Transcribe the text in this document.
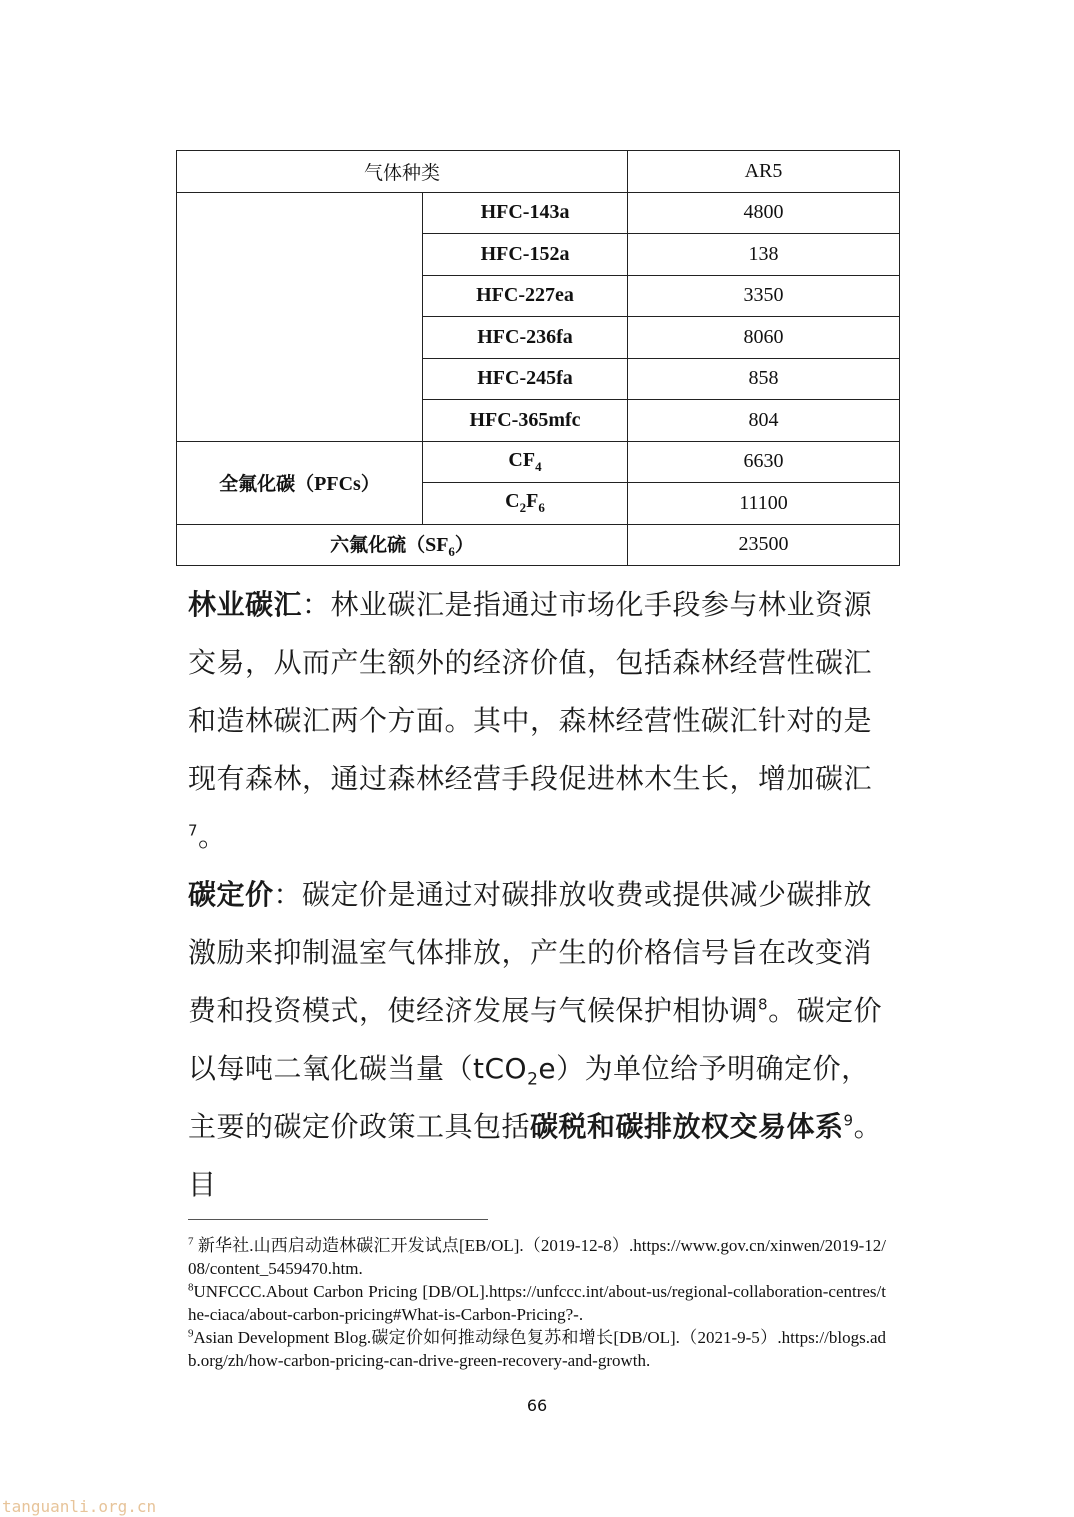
气体种类		AR5
	HFC-143a	4800
	HFC-152a	138
	HFC-227ea	3350
	HFC-236fa	8060
	HFC-245fa	858
	HFC-365mfc	804
全氟化碳（PFCs）	$CF_4$	6630
	$C_2F_6$	11100
六氟化硫$(SF_6)$		23500
林业碳汇：林业碳汇是指通过市场化手段参与林业资源交易，从而产生额外的经济价值，包括森林经营性碳汇和造林碳汇两个方面。其中，森林经营性碳汇针对的是现有森林，通过森林经营手段促进林木生长，增加碳汇
$^7$。
碳定价：碳定价是通过对碳排放收费或提供减少碳排放激励来抑制温室气体排放，产生的价格信号旨在改变消费和投资模式，使经济发展与气候保护相协调$^8$。碳定价以每吨二氧化碳当量（tCO$_2$e）为单位给予明确定价，主要的碳定价政策工具包括碳税和碳排放权交易体系$^9$。目
$^7$ 新华社.山西启动造林碳汇开发试点[EB/OL].（2019-12-8）.https://www.gov.cn/xinwen/2019-12/08/content_5459470.htm.
$^8$UNFCCC.About Carbon Pricing [DB/OL].https://unfccc.int/about-us/regional-collaboration-centres/the-ciaca/about-carbon-pricing#What-is-Carbon-Pricing?-.
$^9$Asian Development Blog.碳定价如何推动绿色复苏和增长[DB/OL].（2021-9-5）.https://blogs.adb.org/zh/how-carbon-pricing-can-drive-green-recovery-and-growth.
66
tanguanli.org.cn
